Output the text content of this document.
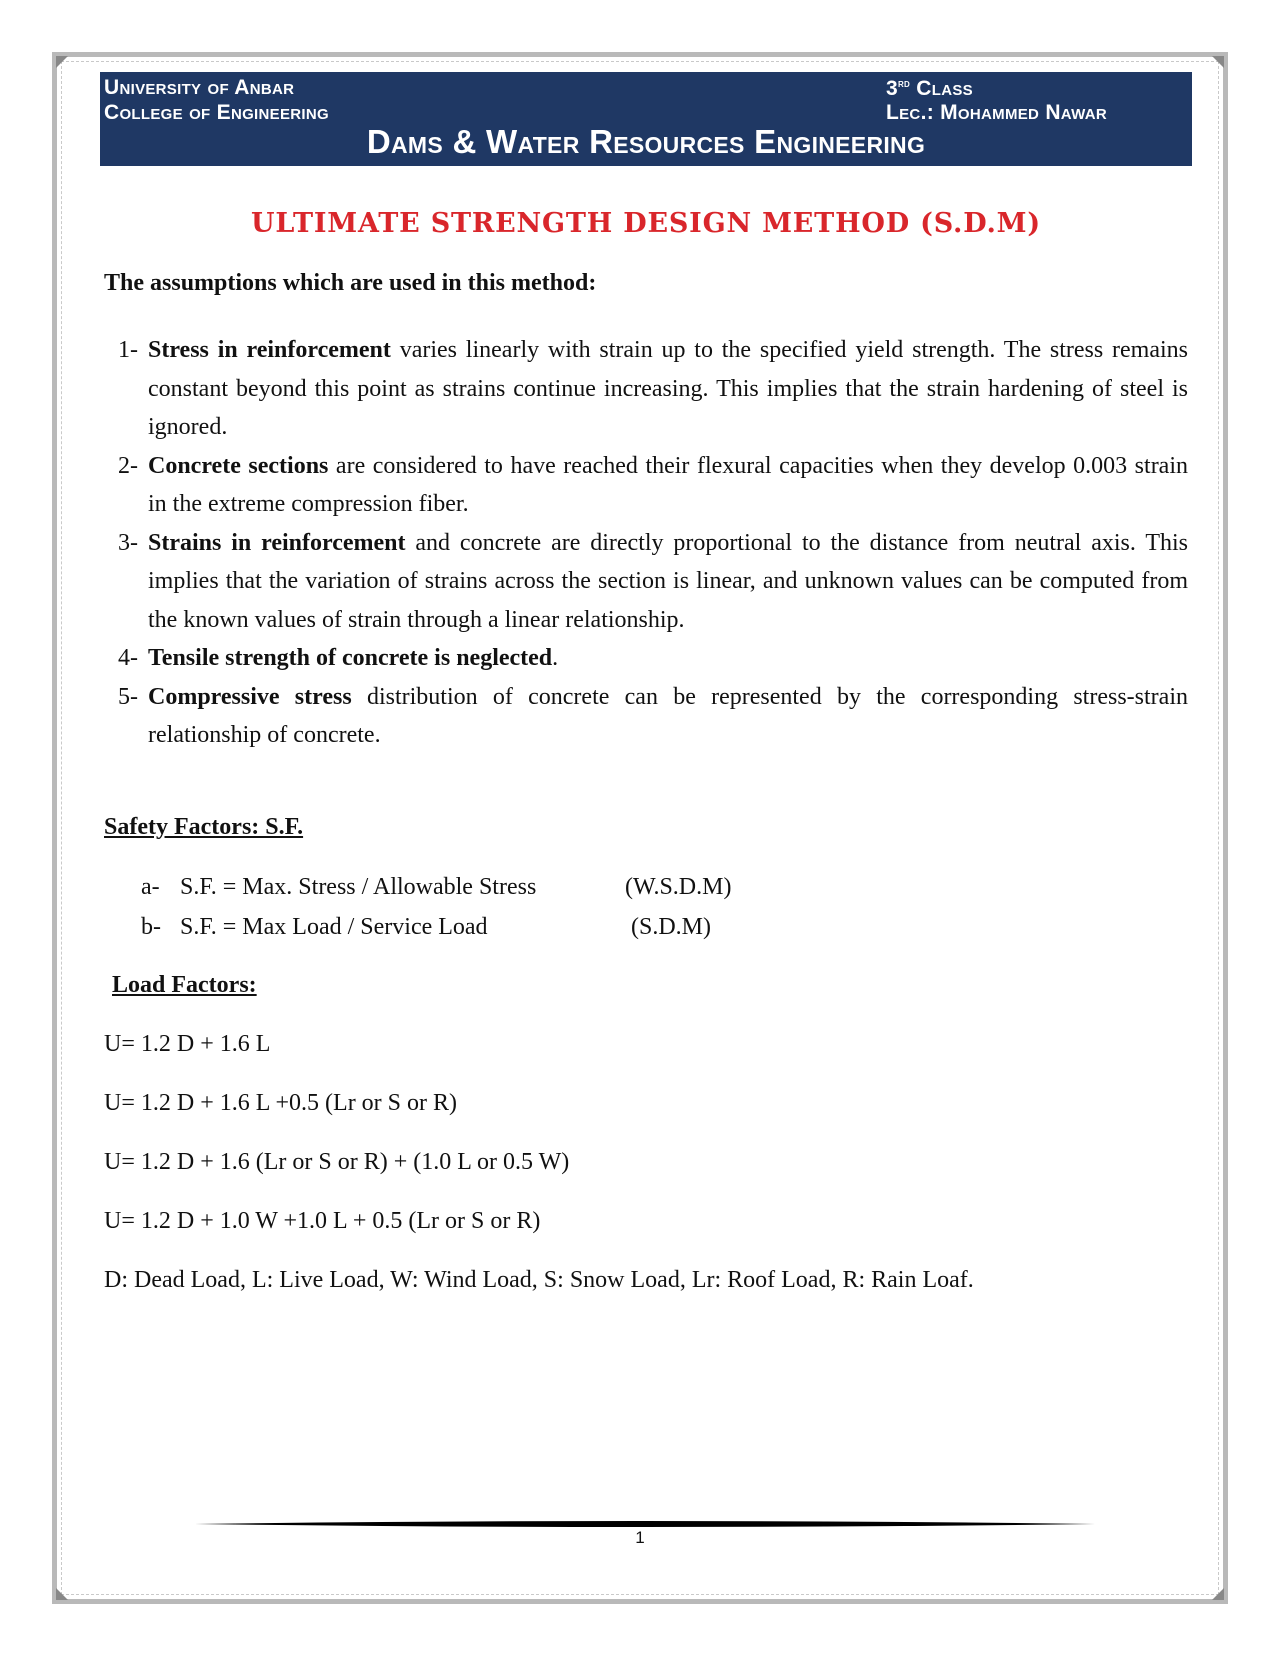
University of Anbar
College of Engineering
3rd Class
Lec.: Mohammed Nawar
Dams & Water Resources Engineering
ULTIMATE STRENGTH DESIGN METHOD (S.D.M)
The assumptions which are used in this method:
1- Stress in reinforcement varies linearly with strain up to the specified yield strength. The stress remains constant beyond this point as strains continue increasing. This implies that the strain hardening of steel is ignored.
2- Concrete sections are considered to have reached their flexural capacities when they develop 0.003 strain in the extreme compression fiber.
3- Strains in reinforcement and concrete are directly proportional to the distance from neutral axis. This implies that the variation of strains across the section is linear, and unknown values can be computed from the known values of strain through a linear relationship.
4- Tensile strength of concrete is neglected.
5- Compressive stress distribution of concrete can be represented by the corresponding stress-strain relationship of concrete.
Safety Factors: S.F.
a- S.F. = Max. Stress / Allowable Stress	(W.S.D.M)
b- S.F. = Max Load / Service Load	(S.D.M)
Load Factors:
U= 1.2 D + 1.6 L
U= 1.2 D + 1.6 L +0.5 (Lr or S or R)
U= 1.2 D + 1.6 (Lr or S or R) + (1.0 L or 0.5 W)
U= 1.2 D + 1.0 W +1.0 L + 0.5 (Lr or S or R)
D: Dead Load, L: Live Load, W: Wind Load, S: Snow Load, Lr: Roof Load, R: Rain Loaf.
1
